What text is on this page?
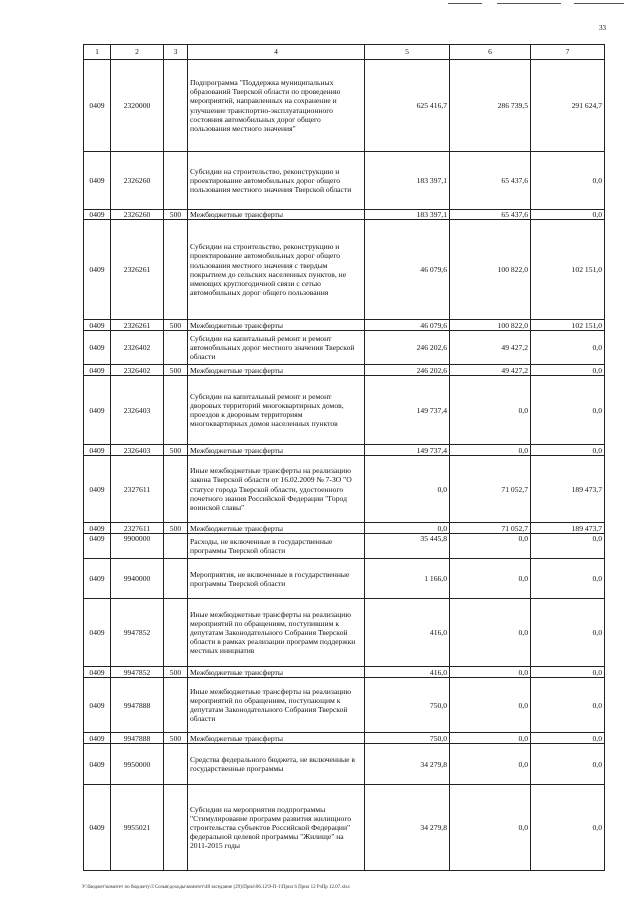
33
1	2	3	4	5	6	7
0409	2320000		Подпрограмма "Поддержка муниципальных образований Тверской области по проведению мероприятий, направленных на сохранение и улучшение транспортно-эксплуатационного состояния автомобильных дорог общего пользования местного значения"	625 416,7	286 739,5	291 624,7
0409	2326260		Субсидии на строительство, реконструкцию и проектирование автомобильных дорог общего пользования местного значения Тверской области	183 397,1	65 437,6	0,0
0409	2326260	500	Межбюджетные трансферты	183 397,1	65 437,6	0,0
0409	2326261		Субсидии на строительство, реконструкцию и проектирование автомобильных дорог общего пользования местного значения с твердым покрытием до сельских населенных пунктов, не имеющих круглогодичной связи с сетью автомобильных дорог общего пользования	46 079,6	100 822,0	102 151,0
0409	2326261	500	Межбюджетные трансферты	46 079,6	100 822,0	102 151,0
0409	2326402		Субсидии на капитальный ремонт и ремонт автомобильных дорог местного значения Тверской области	246 202,6	49 427,2	0,0
0409	2326402	500	Межбюджетные трансферты	246 202,6	49 427,2	0,0
0409	2326403		Субсидии на капитальный ремонт и ремонт дворовых территорий многоквартирных домов, проездов к дворовым территориям многоквартирных домов населенных пунктов	149 737,4	0,0	0,0
0409	2326403	500	Межбюджетные трансферты	149 737,4	0,0	0,0
0409	2327611		Иные межбюджетные трансферты на реализацию закона Тверской области от 16.02.2009 № 7-ЗО "О статусе города Тверской области, удостоенного почетного звания Российской Федерации "Город воинской славы"	0,0	71 052,7	189 473,7
0409	2327611	500	Межбюджетные трансферты	0,0	71 052,7	189 473,7
0409	9900000		Расходы, не включенные в государственные программы Тверской области	35 445,8	0,0	0,0
0409	9940000		Мероприятия, не включенные в государственные программы Тверской области	1 166,0	0,0	0,0
0409	9947852		Иные межбюджетные трансферты на реализацию мероприятий по обращениям, поступившим к депутатам Законодательного Собрания Тверской области в рамках реализации программ поддержки местных инициатив	416,0	0,0	0,0
0409	9947852	500	Межбюджетные трансферты	416,0	0,0	0,0
0409	9947888		Иные межбюджетные трансферты на реализацию мероприятий по обращениям, поступающим к депутатам Законодательного Собрания Тверской области	750,0	0,0	0,0
0409	9947888	500	Межбюджетные трансферты	750,0	0,0	0,0
0409	9950000		Средства федерального бюджета, не включенные в государственные программы	34 279,8	0,0	0,0
0409	9955021		Субсидии на мероприятия подпрограммы "Стимулирование программ развития жилищного строительства субъектов Российской Федерации" федеральной целевой программы "Жилище" на 2011-2015 годы	34 279,8	0,0	0,0
У:\Бюджет\комитет по бюджету\3 Созыв\доходы\комитет\48 заседание (29)\Прил\06.12\9-П-1\Прил 6 Прил 12 РзПр 12.07.xlsx
